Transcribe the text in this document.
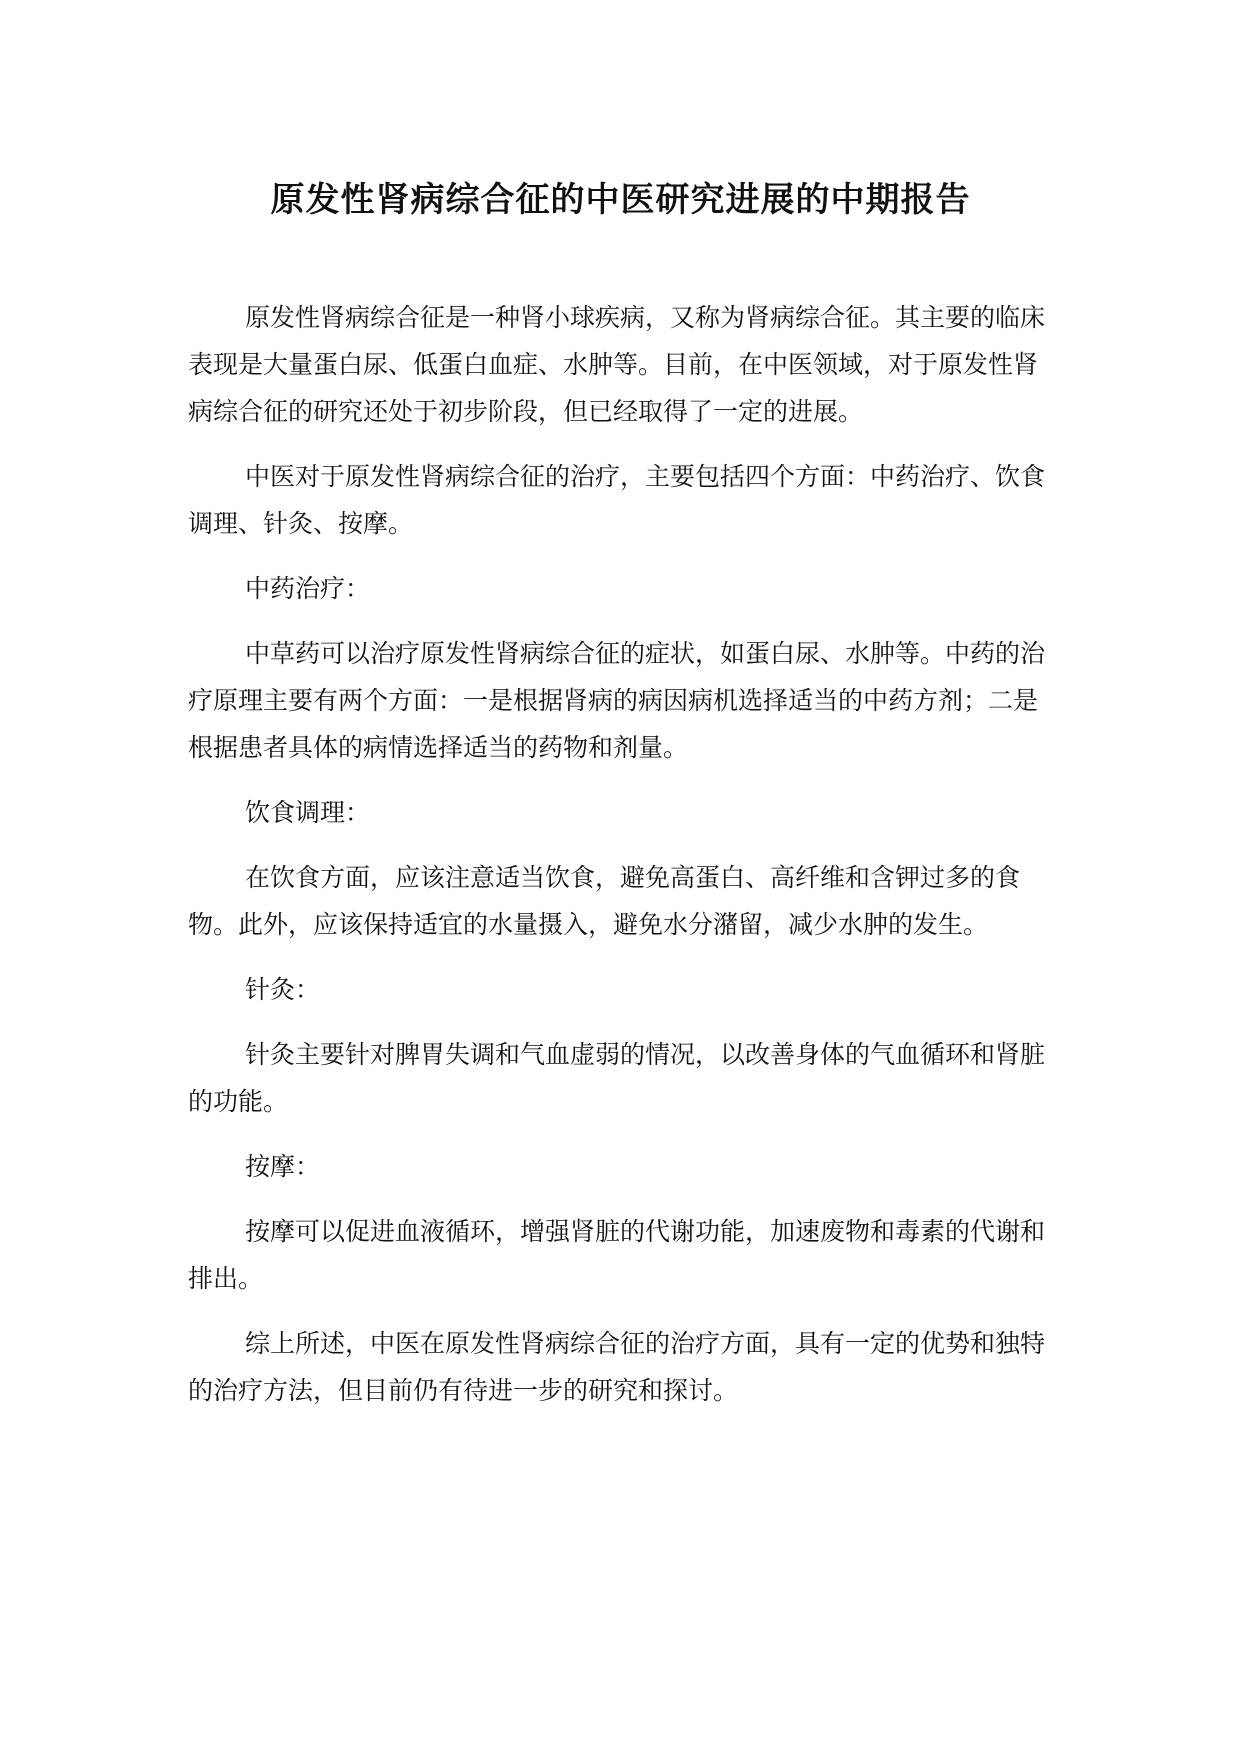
原发性肾病综合征的中医研究进展的中期报告

原发性肾病综合征是一种肾小球疾病，又称为肾病综合征。其主要的临床表现是大量蛋白尿、低蛋白血症、水肿等。目前，在中医领域，对于原发性肾病综合征的研究还处于初步阶段，但已经取得了一定的进展。

中医对于原发性肾病综合征的治疗，主要包括四个方面：中药治疗、饮食调理、针灸、按摩。

中药治疗：

中草药可以治疗原发性肾病综合征的症状，如蛋白尿、水肿等。中药的治疗原理主要有两个方面：一是根据肾病的病因病机选择适当的中药方剂；二是根据患者具体的病情选择适当的药物和剂量。

饮食调理：

在饮食方面，应该注意适当饮食，避免高蛋白、高纤维和含钾过多的食物。此外，应该保持适宜的水量摄入，避免水分潴留，减少水肿的发生。

针灸：

针灸主要针对脾胃失调和气血虚弱的情况，以改善身体的气血循环和肾脏的功能。

按摩：

按摩可以促进血液循环，增强肾脏的代谢功能，加速废物和毒素的代谢和排出。

综上所述，中医在原发性肾病综合征的治疗方面，具有一定的优势和独特的治疗方法，但目前仍有待进一步的研究和探讨。
